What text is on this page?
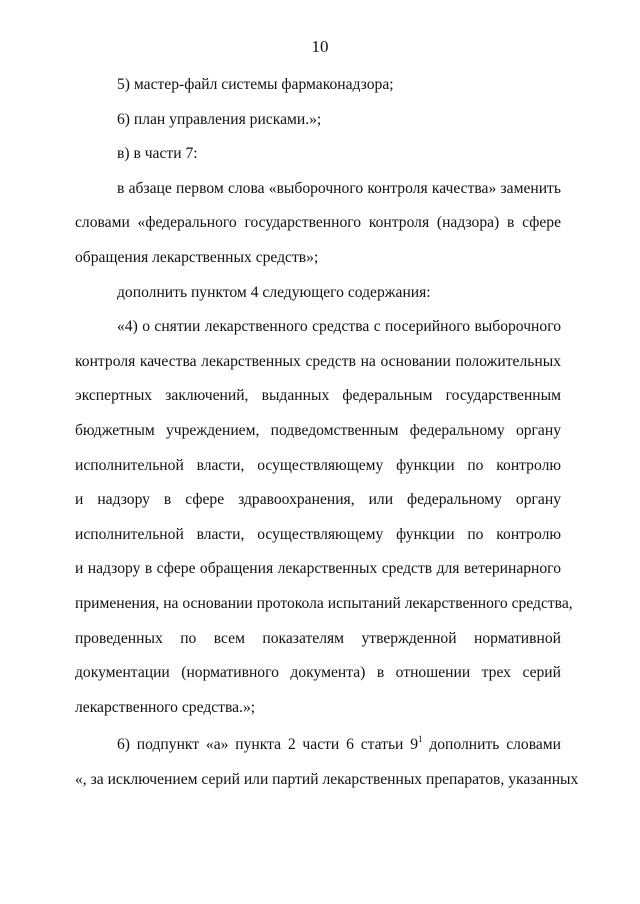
10
5) мастер-файл системы фармаконадзора;
6) план управления рисками.»;
в) в части 7:
в абзаце первом слова «выборочного контроля качества» заменить
словами «федерального государственного контроля (надзора) в сфере
обращения лекарственных средств»;
дополнить пунктом 4 следующего содержания:
«4) о снятии лекарственного средства с посерийного выборочного
контроля качества лекарственных средств на основании положительных
экспертных заключений, выданных федеральным государственным
бюджетным учреждением, подведомственным федеральному органу
исполнительной власти, осуществляющему функции по контролю
и надзору в сфере здравоохранения, или федеральному органу
исполнительной власти, осуществляющему функции по контролю
и надзору в сфере обращения лекарственных средств для ветеринарного
применения, на основании протокола испытаний лекарственного средства,
проведенных по всем показателям утвержденной нормативной
документации (нормативного документа) в отношении трех серий
лекарственного средства.»;
6) подпункт «а» пункта 2 части 6 статьи $9^1$ дополнить словами
«, за исключением серий или партий лекарственных препаратов, указанных
